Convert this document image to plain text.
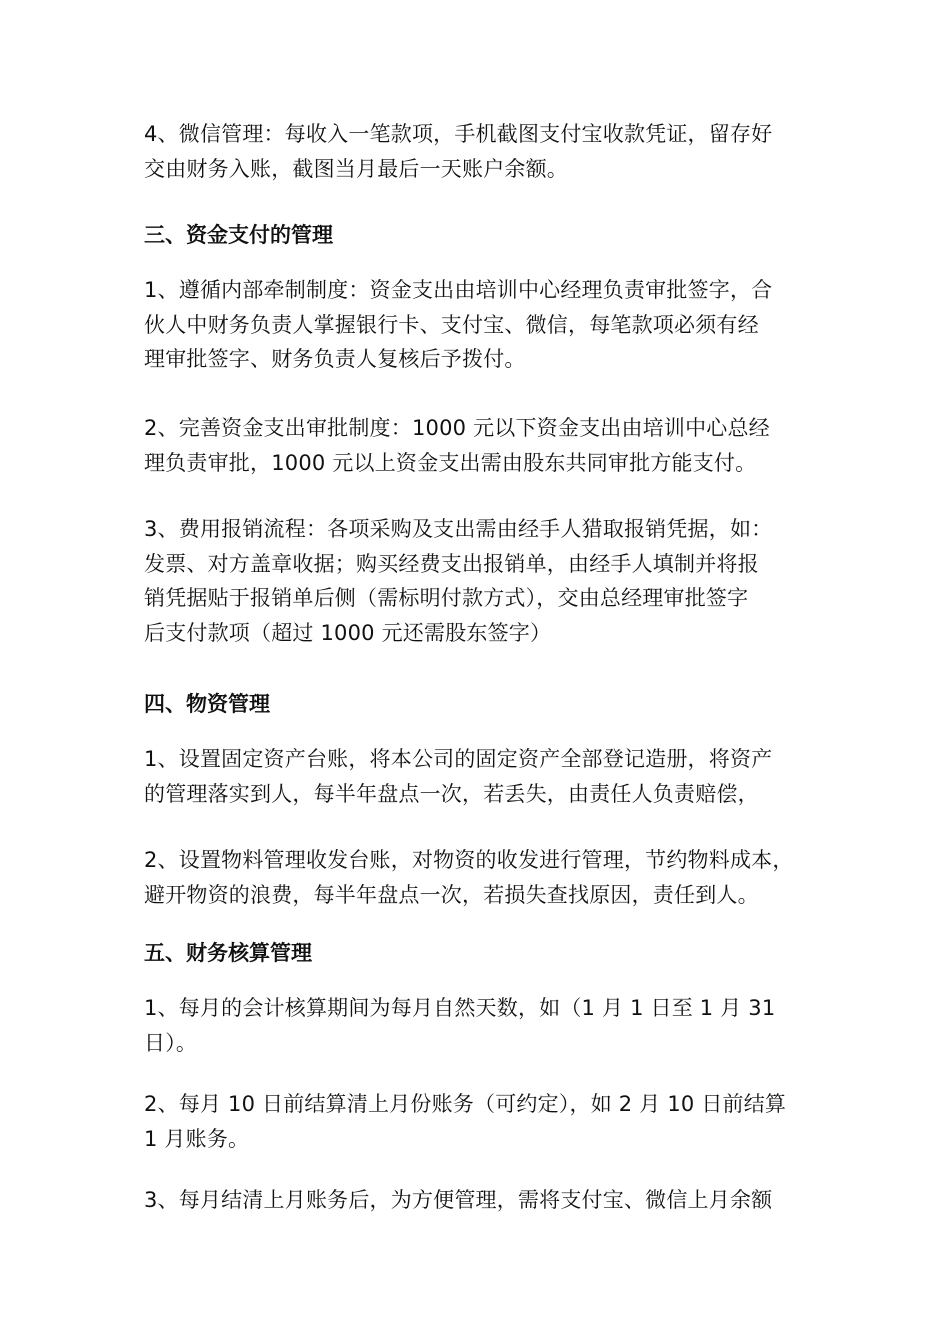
4、微信管理：每收入一笔款项，手机截图支付宝收款凭证，留存好
交由财务入账，截图当月最后一天账户余额。
三、资金支付的管理
1、遵循内部牵制制度：资金支出由培训中心经理负责审批签字，合
伙人中财务负责人掌握银行卡、支付宝、微信，每笔款项必须有经
理审批签字、财务负责人复核后予拨付。
2、完善资金支出审批制度：1000 元以下资金支出由培训中心总经
理负责审批，1000 元以上资金支出需由股东共同审批方能支付。
3、费用报销流程：各项采购及支出需由经手人猎取报销凭据，如：
发票、对方盖章收据；购买经费支出报销单，由经手人填制并将报
销凭据贴于报销单后侧（需标明付款方式），交由总经理审批签字
后支付款项（超过 1000 元还需股东签字）
四、物资管理
1、设置固定资产台账，将本公司的固定资产全部登记造册，将资产
的管理落实到人，每半年盘点一次，若丢失，由责任人负责赔偿，
2、设置物料管理收发台账，对物资的收发进行管理，节约物料成本，
避开物资的浪费，每半年盘点一次，若损失查找原因，责任到人。
五、财务核算管理
1、每月的会计核算期间为每月自然天数，如（1 月 1 日至 1 月 31
日）。
2、每月 10 日前结算清上月份账务（可约定），如 2 月 10 日前结算
1 月账务。
3、每月结清上月账务后，为方便管理，需将支付宝、微信上月余额
